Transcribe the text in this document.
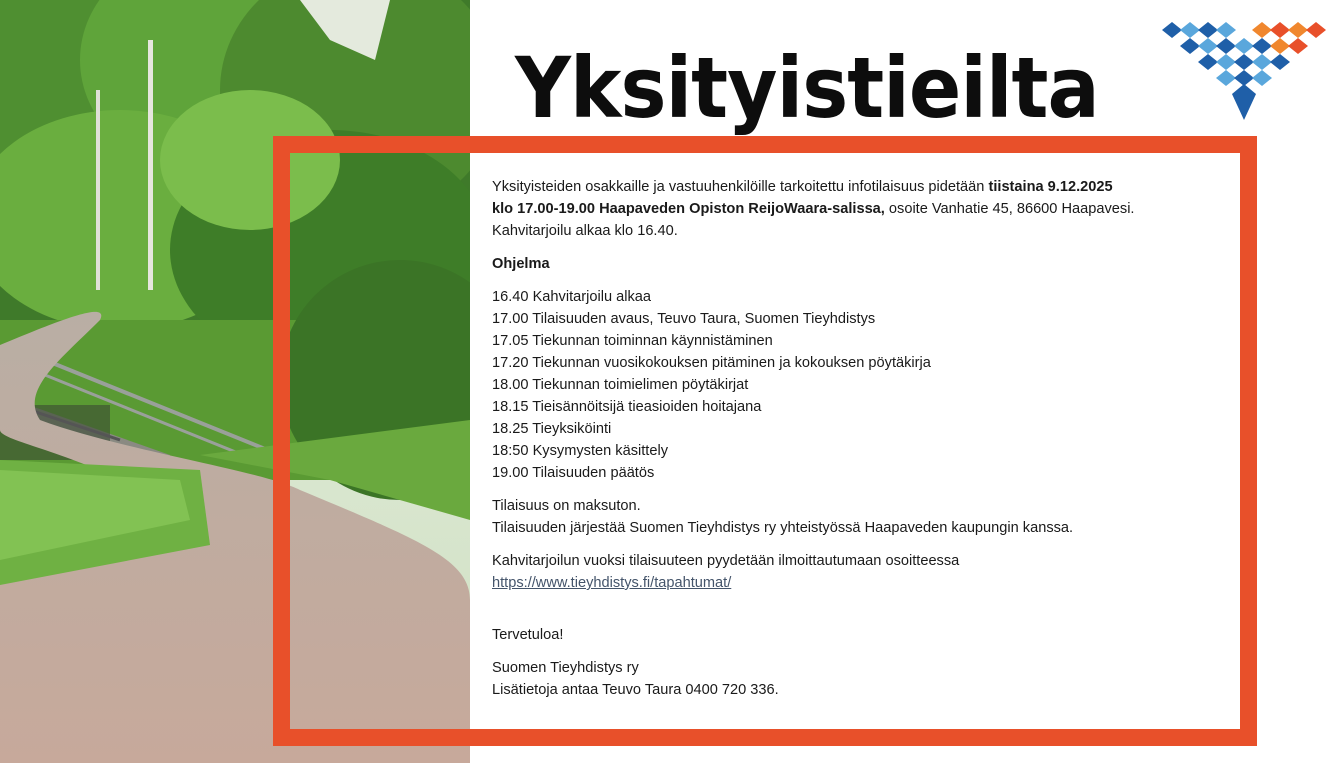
Yksityistieilta

Yksityisteiden osakkaille ja vastuuhenkilöille tarkoitettu infotilaisuus pidetään tiistaina 9.12.2025
klo 17.00-19.00 Haapaveden Opiston ReijoWaara-salissa, osoite Vanhatie 45, 86600 Haapavesi.
Kahvitarjoilu alkaa klo 16.40.

Ohjelma

16.40 Kahvitarjoilu alkaa

17.00 Tilaisuuden avaus, Teuvo Taura, Suomen Tieyhdistys

17.05 Tiekunnan toiminnan käynnistäminen

17.20 Tiekunnan vuosikokouksen pitäminen ja kokouksen pöytäkirja

18.00 Tiekunnan toimielimen pöytäkirjat

18.15 Tieisännöitsijä tieasioiden hoitajana

18.25 Tieyksiköinti

18:50 Kysymysten käsittely

19.00 Tilaisuuden päätös

Tilaisuus on maksuton.

Tilaisuuden järjestää Suomen Tieyhdistys ry yhteistyössä Haapaveden kaupungin kanssa.

Kahvitarjoilun vuoksi tilaisuuteen pyydetään ilmoittautumaan osoitteessa

https://www.tieyhdistys.fi/tapahtumat/

Tervetuloa!

Suomen Tieyhdistys ry

Lisätietoja antaa Teuvo Taura 0400 720 336.
